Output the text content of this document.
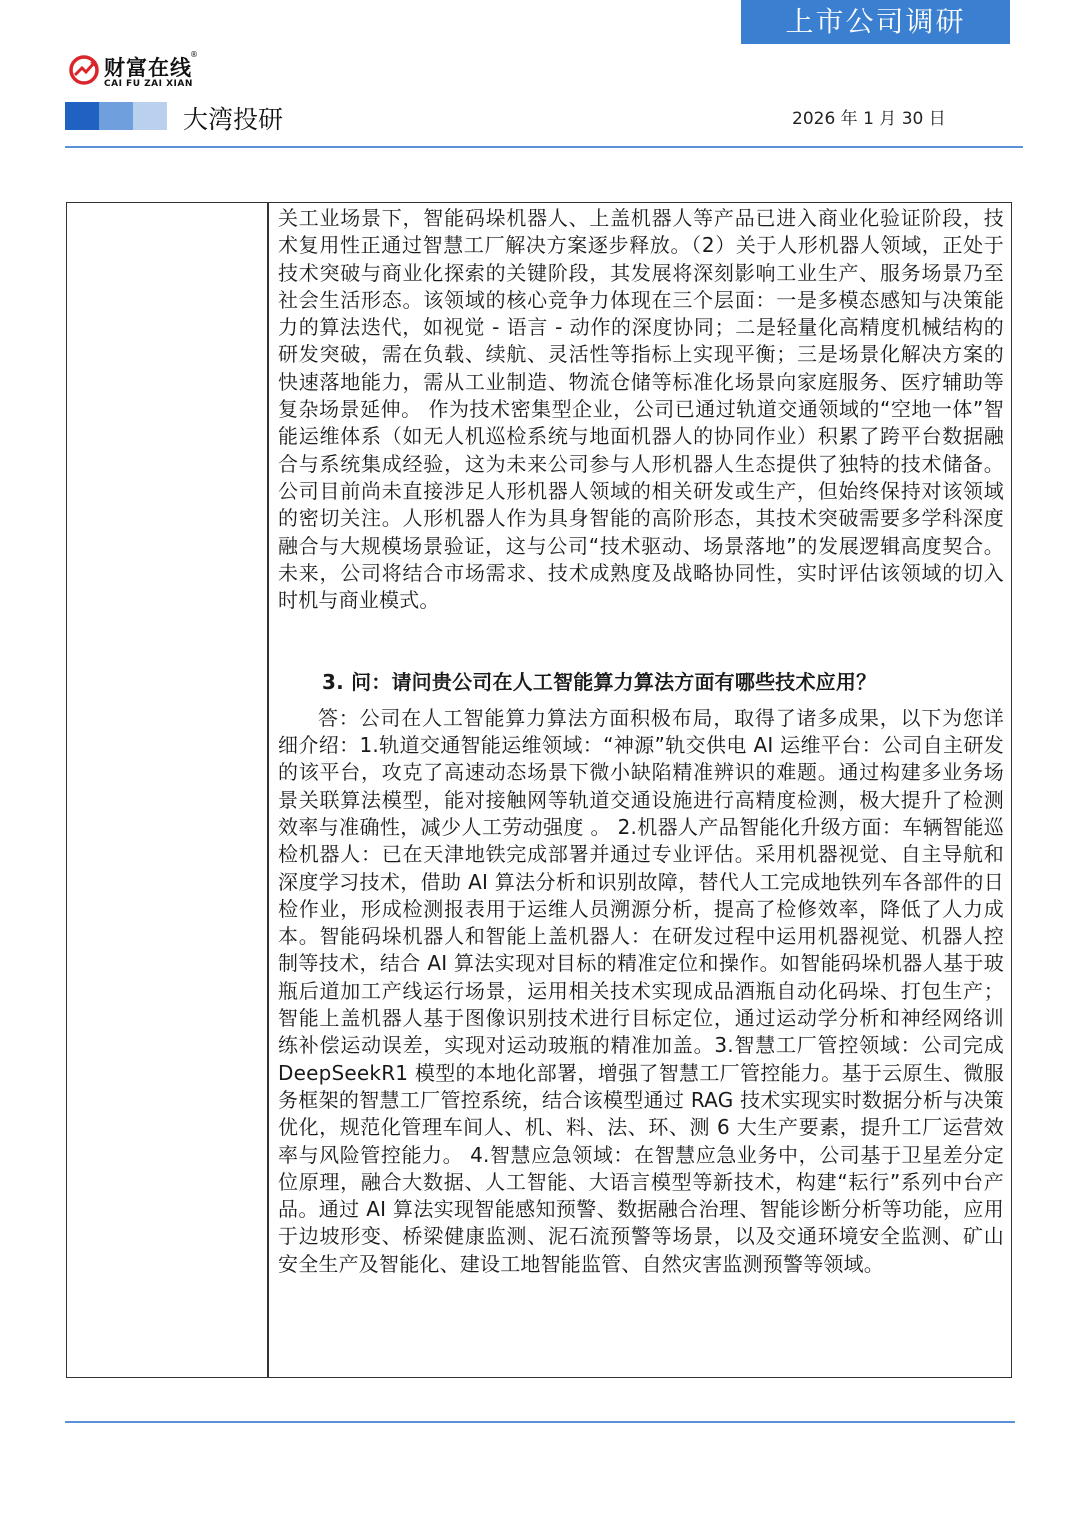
上市公司调研
财富在线
®
CAI FU ZAI XIAN
大湾投研	2026 年 1 月 30 日

关工业场景下，智能码垛机器人、上盖机器人等产品已进入商业化验证阶段，技术复用性正通过智慧工厂解决方案逐步释放。（2）关于人形机器人领域，正处于技术突破与商业化探索的关键阶段，其发展将深刻影响工业生产、服务场景乃至社会生活形态。该领域的核心竞争力体现在三个层面：一是多模态感知与决策能力的算法迭代，如视觉 - 语言 - 动作的深度协同；二是轻量化高精度机械结构的研发突破，需在负载、续航、灵活性等指标上实现平衡；三是场景化解决方案的快速落地能力，需从工业制造、物流仓储等标准化场景向家庭服务、医疗辅助等复杂场景延伸。 作为技术密集型企业，公司已通过轨道交通领域的“空地一体”智能运维体系（如无人机巡检系统与地面机器人的协同作业）积累了跨平台数据融合与系统集成经验，这为未来公司参与人形机器人生态提供了独特的技术储备。公司目前尚未直接涉足人形机器人领域的相关研发或生产，但始终保持对该领域的密切关注。人形机器人作为具身智能的高阶形态，其技术突破需要多学科深度融合与大规模场景验证，这与公司“技术驱动、场景落地”的发展逻辑高度契合。未来，公司将结合市场需求、技术成熟度及战略协同性，实时评估该领域的切入时机与商业模式。

3. 问：请问贵公司在人工智能算力算法方面有哪些技术应用？

答：公司在人工智能算力算法方面积极布局，取得了诸多成果，以下为您详细介绍：1.轨道交通智能运维领域：“神源”轨交供电 AI 运维平台：公司自主研发的该平台，攻克了高速动态场景下微小缺陷精准辨识的难题。通过构建多业务场景关联算法模型，能对接触网等轨道交通设施进行高精度检测，极大提升了检测效率与准确性，减少人工劳动强度 。 2.机器人产品智能化升级方面：车辆智能巡检机器人：已在天津地铁完成部署并通过专业评估。采用机器视觉、自主导航和深度学习技术，借助 AI 算法分析和识别故障，替代人工完成地铁列车各部件的日检作业，形成检测报表用于运维人员溯源分析，提高了检修效率，降低了人力成本。智能码垛机器人和智能上盖机器人：在研发过程中运用机器视觉、机器人控制等技术，结合 AI 算法实现对目标的精准定位和操作。如智能码垛机器人基于玻瓶后道加工产线运行场景，运用相关技术实现成品酒瓶自动化码垛、打包生产；智能上盖机器人基于图像识别技术进行目标定位，通过运动学分析和神经网络训练补偿运动误差，实现对运动玻瓶的精准加盖。3.智慧工厂管控领域：公司完成 DeepSeekR1 模型的本地化部署，增强了智慧工厂管控能力。基于云原生、微服务框架的智慧工厂管控系统，结合该模型通过 RAG 技术实现实时数据分析与决策优化，规范化管理车间人、机、料、法、环、测 6 大生产要素，提升工厂运营效率与风险管控能力。 4.智慧应急领域：在智慧应急业务中，公司基于卫星差分定位原理，融合大数据、人工智能、大语言模型等新技术，构建“耘行”系列中台产品。通过 AI 算法实现智能感知预警、数据融合治理、智能诊断分析等功能，应用于边坡形变、桥梁健康监测、泥石流预警等场景，以及交通环境安全监测、矿山安全生产及智能化、建设工地智能监管、自然灾害监测预警等领域。
